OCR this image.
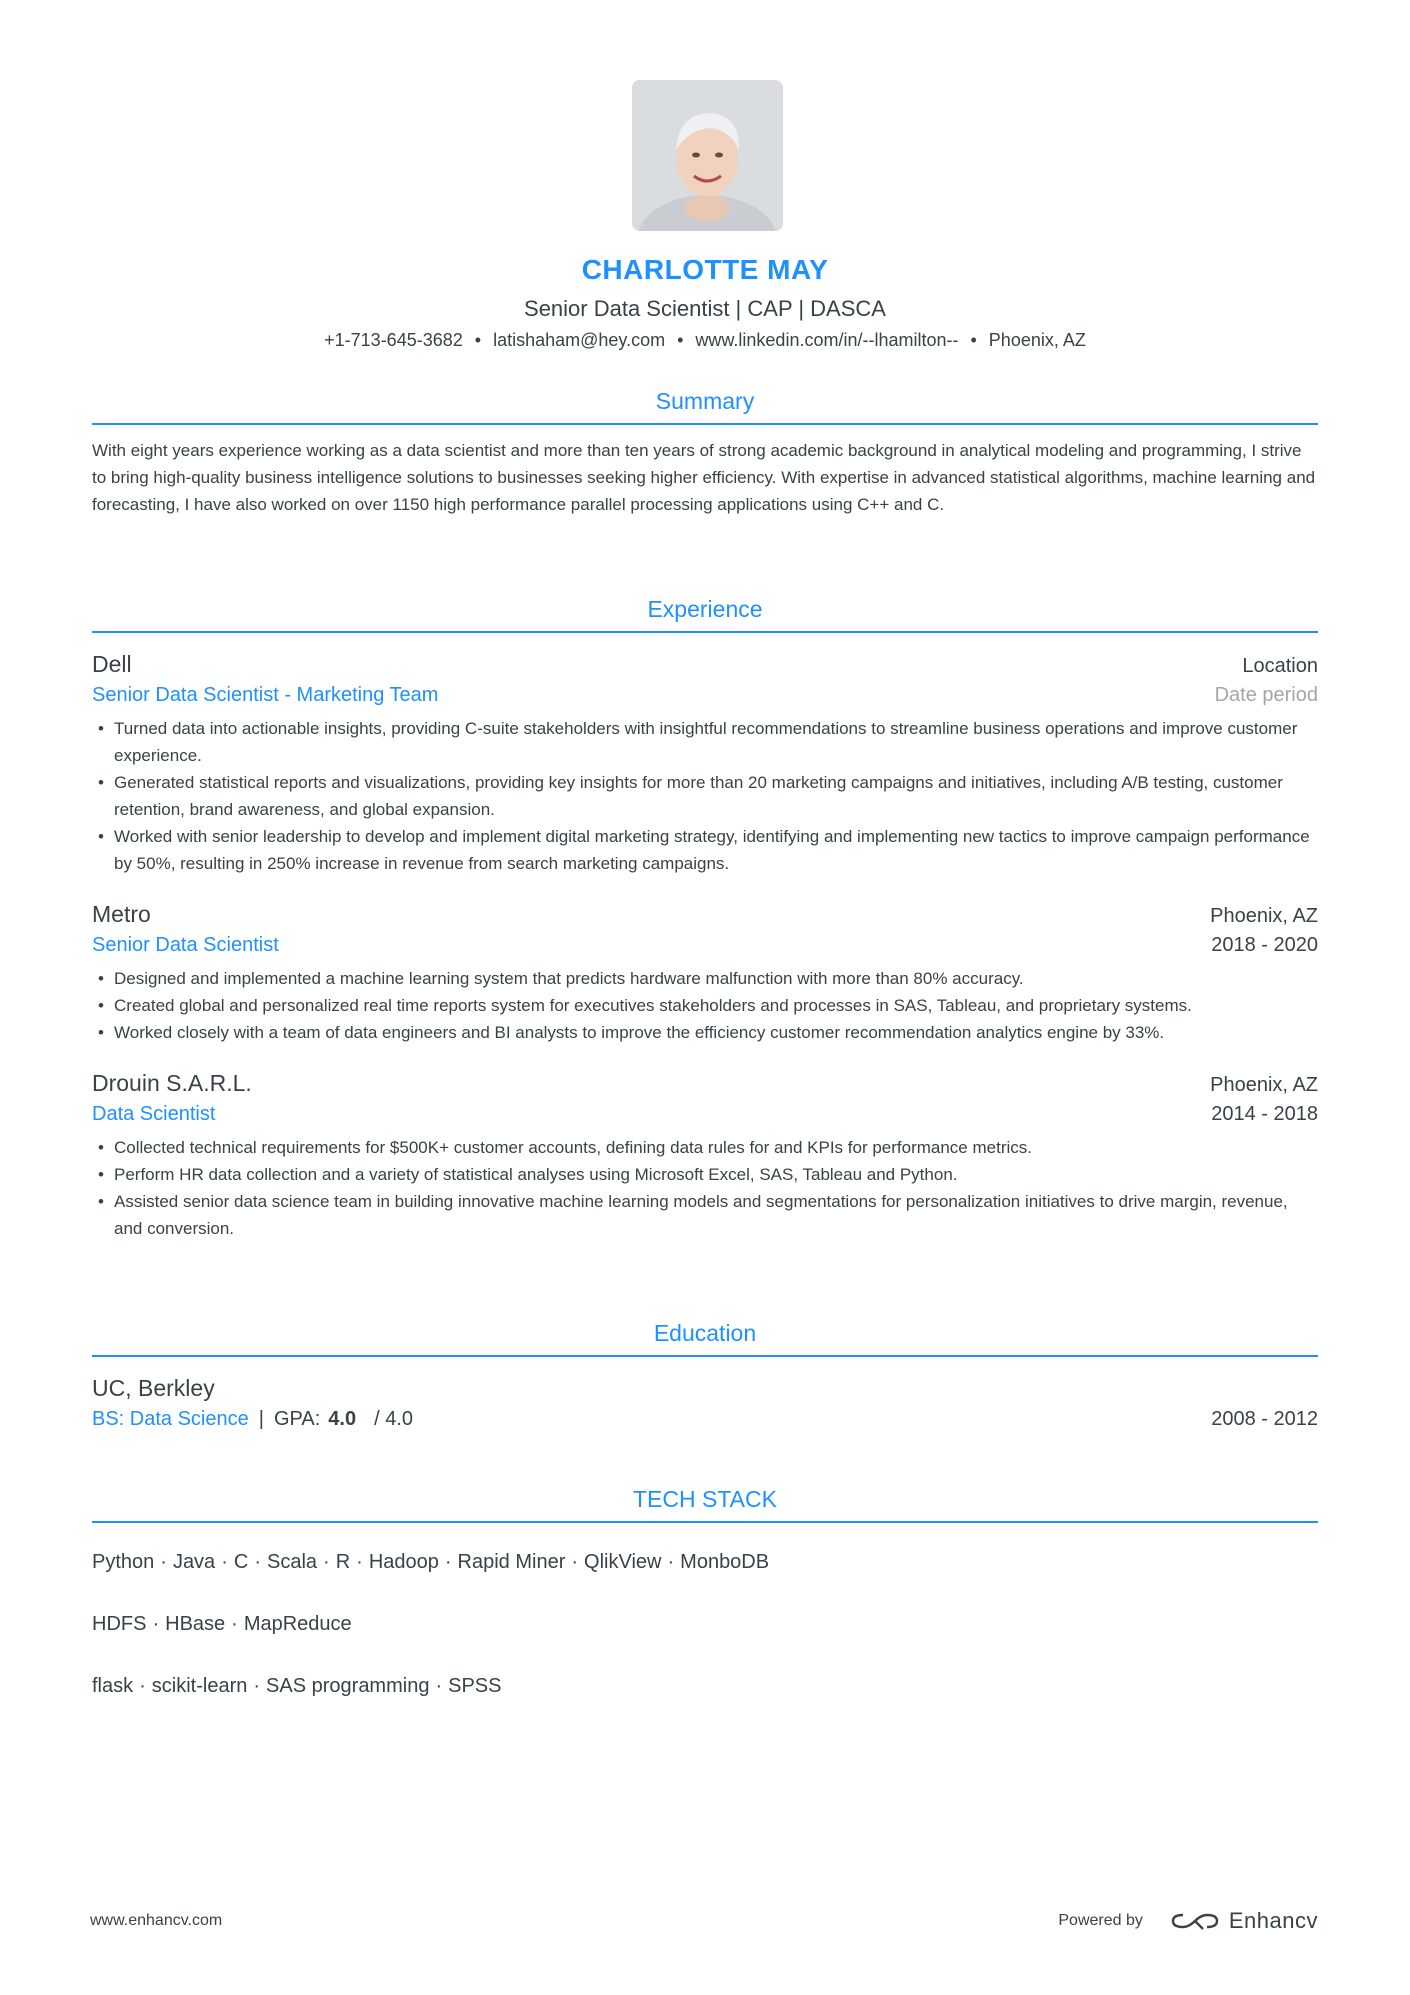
CHARLOTTE MAY
Senior Data Scientist | CAP | DASCA
+1-713-645-3682 • latishaham@hey.com • www.linkedin.com/in/--lhamilton-- • Phoenix, AZ
Summary
With eight years experience working as a data scientist and more than ten years of strong academic background in analytical modeling and programming, I strive to bring high-quality business intelligence solutions to businesses seeking higher efficiency. With expertise in advanced statistical algorithms, machine learning and forecasting, I have also worked on over 1150 high performance parallel processing applications using C++ and C.
Experience
Dell	Location
Senior Data Scientist - Marketing Team	Date period
• Turned data into actionable insights, providing C-suite stakeholders with insightful recommendations to streamline business operations and improve customer experience.
• Generated statistical reports and visualizations, providing key insights for more than 20 marketing campaigns and initiatives, including A/B testing, customer retention, brand awareness, and global expansion.
• Worked with senior leadership to develop and implement digital marketing strategy, identifying and implementing new tactics to improve campaign performance by 50%, resulting in 250% increase in revenue from search marketing campaigns.
Metro	Phoenix, AZ
Senior Data Scientist	2018 - 2020
• Designed and implemented a machine learning system that predicts hardware malfunction with more than 80% accuracy.
• Created global and personalized real time reports system for executives stakeholders and processes in SAS, Tableau, and proprietary systems.
• Worked closely with a team of data engineers and BI analysts to improve the efficiency customer recommendation analytics engine by 33%.
Drouin S.A.R.L.	Phoenix, AZ
Data Scientist	2014 - 2018
• Collected technical requirements for $500K+ customer accounts, defining data rules for and KPIs for performance metrics.
• Perform HR data collection and a variety of statistical analyses using Microsoft Excel, SAS, Tableau and Python.
• Assisted senior data science team in building innovative machine learning models and segmentations for personalization initiatives to drive margin, revenue, and conversion.
Education
UC, Berkley
BS: Data Science | GPA: 4.0 / 4.0	2008 - 2012
TECH STACK
Python · Java · C · Scala · R · Hadoop · Rapid Miner · QlikView · MonboDB
HDFS · HBase · MapReduce
flask · scikit-learn · SAS programming · SPSS
www.enhancv.com	Powered by	Enhancv
